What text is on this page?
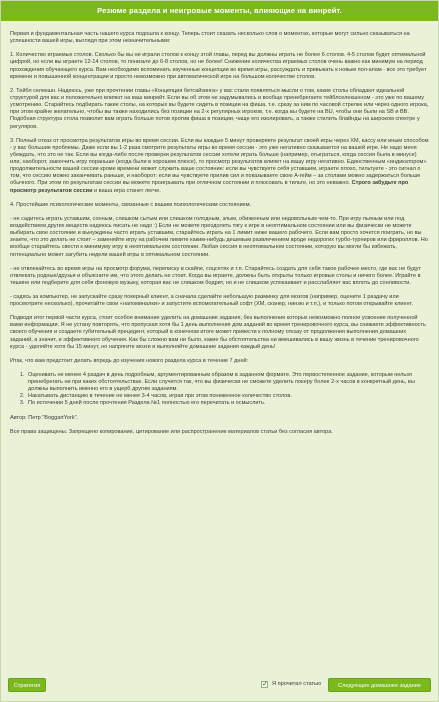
Резюме раздела и неигровые моменты, влияющие на винрейт.

Первая и фундаментальная часть нашего курса подошла к концу. Теперь стоит сказать несколько слов о моментах, которые могут сильно сказываться на успешности вашей игры, выглядя при этом незначительными:

1. Количество играемых столов. Сколько бы вы ни играли столов к концу этой главы, перед вы должны играть не более 6 столов. 4-5 столов будет оптимальной цифрой, но если вы играете 12-14 столов, то понизьте до 6-8 столов, но не более! Снижение количества играемых столов очень важно как минимум на период прохождения обучающего курса. Вам необходимо вспоминать изученные концепции во время игры, рассуждать и привыкать к новым пол-апам - все это требует времени и повышенной концентрации и просто невозможно при автоматической игре на большом количестве столов.

2. Тейбл селекшн. Надеюсь, уже при прочтении главы «Концепция бетсайзинга» у вас стали появляться мысли о том, какие столы обладают идеальной структурой для вас и положительно влияют на ваш винрейт. Если вы об этом не задумывались и вообще пренебрегаете тейблселекшнном - это уже по вашему усмотрению. Старайтесь подбирать такие столы, на которых вы будете сидеть в позиции на фиша, т.е. сразу за ним по часовой стрелке или через одного игрока, при этом крайне желательно, чтобы вы также находились без позиции на 2-х регулярных игроков, т.е. когда вы будете на BU, чтобы они были на SB и BB. Подобная структура стола позволит вам играть больше потов против фиша в позиции, чаще его изолировать, а также стилить блайнды на широком спектре у регуляров.

3. Полный отказ от просмотра результатов игры во время сессии. Если вы каждые 5 минут проверяете результат своей игры через ХМ, кассу или иным способом - у вас большие проблемы. Даже если вы 1-2 раза смотрите результаты игры во время сессии - это уже негативно сказывается на вашей игре. Не надо меня убеждать, что это не так. Если вы когда-либо после проверки результатов сессии хотели играть больше (например, отыграться, когда сессия была в минусе) или, наоборот, закончить игру пораньше (когда были в хорошем плюсе), то просмотр результатов влияет на вашу игру негативно. Единственным «индикатором» продолжительности вашей сессии кроме времени может служить ваше состояние: если вы чувствуете себя уставшим, играете плохо, тильтуете - это сигнал о том, что сессию можно заканчивать раньше, и наоборот: если вы чувствуете прилив сил и показываете свою А-гейм – за столами можно задержаться больше обычного. При этом по результатам сессии вы можете проигрывать при отличном состоянии и плюсовать в тильте, но это неважно. Строго забудьте про просмотр результатов сессии и ваша игра станет легче.

4. Простейшие психологические моменты, связанные с вашим психологическим состоянием.

- не садитесь играть уставшим, сонным, слишком сытым или слишком голодным, злым, обиженным или недовольным чем-то. При игру пьяным или под воздействием других веществ надеюсь писать не надо :) Если не можете преодолеть тягу к игре в неоптимальном состоянии или вы физически не можете выбирать свое состояние и вынуждены часто играть уставшим, старайтесь играть на 1 лимит ниже вашего рабочего. Если вам просто хочется поиграть, но вы знаете, что это делать не стоит – заменяйте игру на рабочем лимите каким-нибудь дешевым развлечением вроде недорогих турбо-турниров или фрироллов. Но вообще старайтесь свести к минимуму игру в неоптимальном состоянии. Любая сессия в неоптимальном состоянии, которую вы могли бы избежать, потенциально может загубить недели вашей игры в оптимальном состоянии.

- не отвлекайтесь во время игры на просмотр форума, переписку в скайпе, соцсетях и т.п. Старайтесь создать для себя такое рабочее место, где вас не будут отвлекать родные/друзья и объясните им, что этого делать не стоит. Когда вы играете, должны быть открыты только игровые столы и ничего более. Играйте в тишине или подберите для себя фоновую музыку, которая вас не слишком бодрит, но и не слишком успокаивает и расслабляет вас вплоть до сонливости.

- садясь за компьютер, не запускайте сразу покерный клиент, а сначала сделайте небольшую разминку для мозгов (например, оцените 1 раздачу или просмотрите несколько), прочитайте свои «напоминалки» и запустите вспомогательный софт (ХМ, сканер, нинзю и т.п.), и только потом открывайте клиент.

Подводя итог первой части курса, стоит особое внимание уделить на домашние задания, без выполнения которых невозможно полное усвоение полученной вами информации. Я не устану повторять, что пропуская хотя бы 1 день выполнения дом.заданий во время тренировочного курса, вы снижаете эффективность своего обучения и создаете губительный прецедент, который в конечном итоге может привести к полному отказу от продолжения выполнения домашних заданий, а значит, и эффективного обучения. Как бы сложно вам ни было, какие бы обстоятельства ни вмешивались в вашу жизнь в течение тренировочного курса - уделяйте хотя бы 15 минут, но напрягите мозги и выполняйте домашние задания каждый день!

Итак, что вам предстоит делать впредь до изучения нового раздела курса в течение 7 дней:

1. Оценивать не менее 4 раздач в день подробным, аргументированным образом в заданном формате. Это первостепенное задание, которым нельзя пренебрегать ни при каких обстоятельствах. Если случится так, что вы физически не сможете уделить покеру более 2-х часов в конкретный день, вы должны выполнить именно его в ущерб другим заданиям.
2. Накатывать дистанцию в течение не менее 3-4 часов, играя при этом пониженное количество столов.
3. По истечении 5 дней после прочтения Раздела №1 полностью его перечитать и осмыслить.

Автор: Петр "BoggartYork".

Все права защищены. Запрещено копирование, цитирование или распространение материалов статьи без согласия автора.

Стратегия	✓ Я прочитал статью	Следующее домашнее задание
